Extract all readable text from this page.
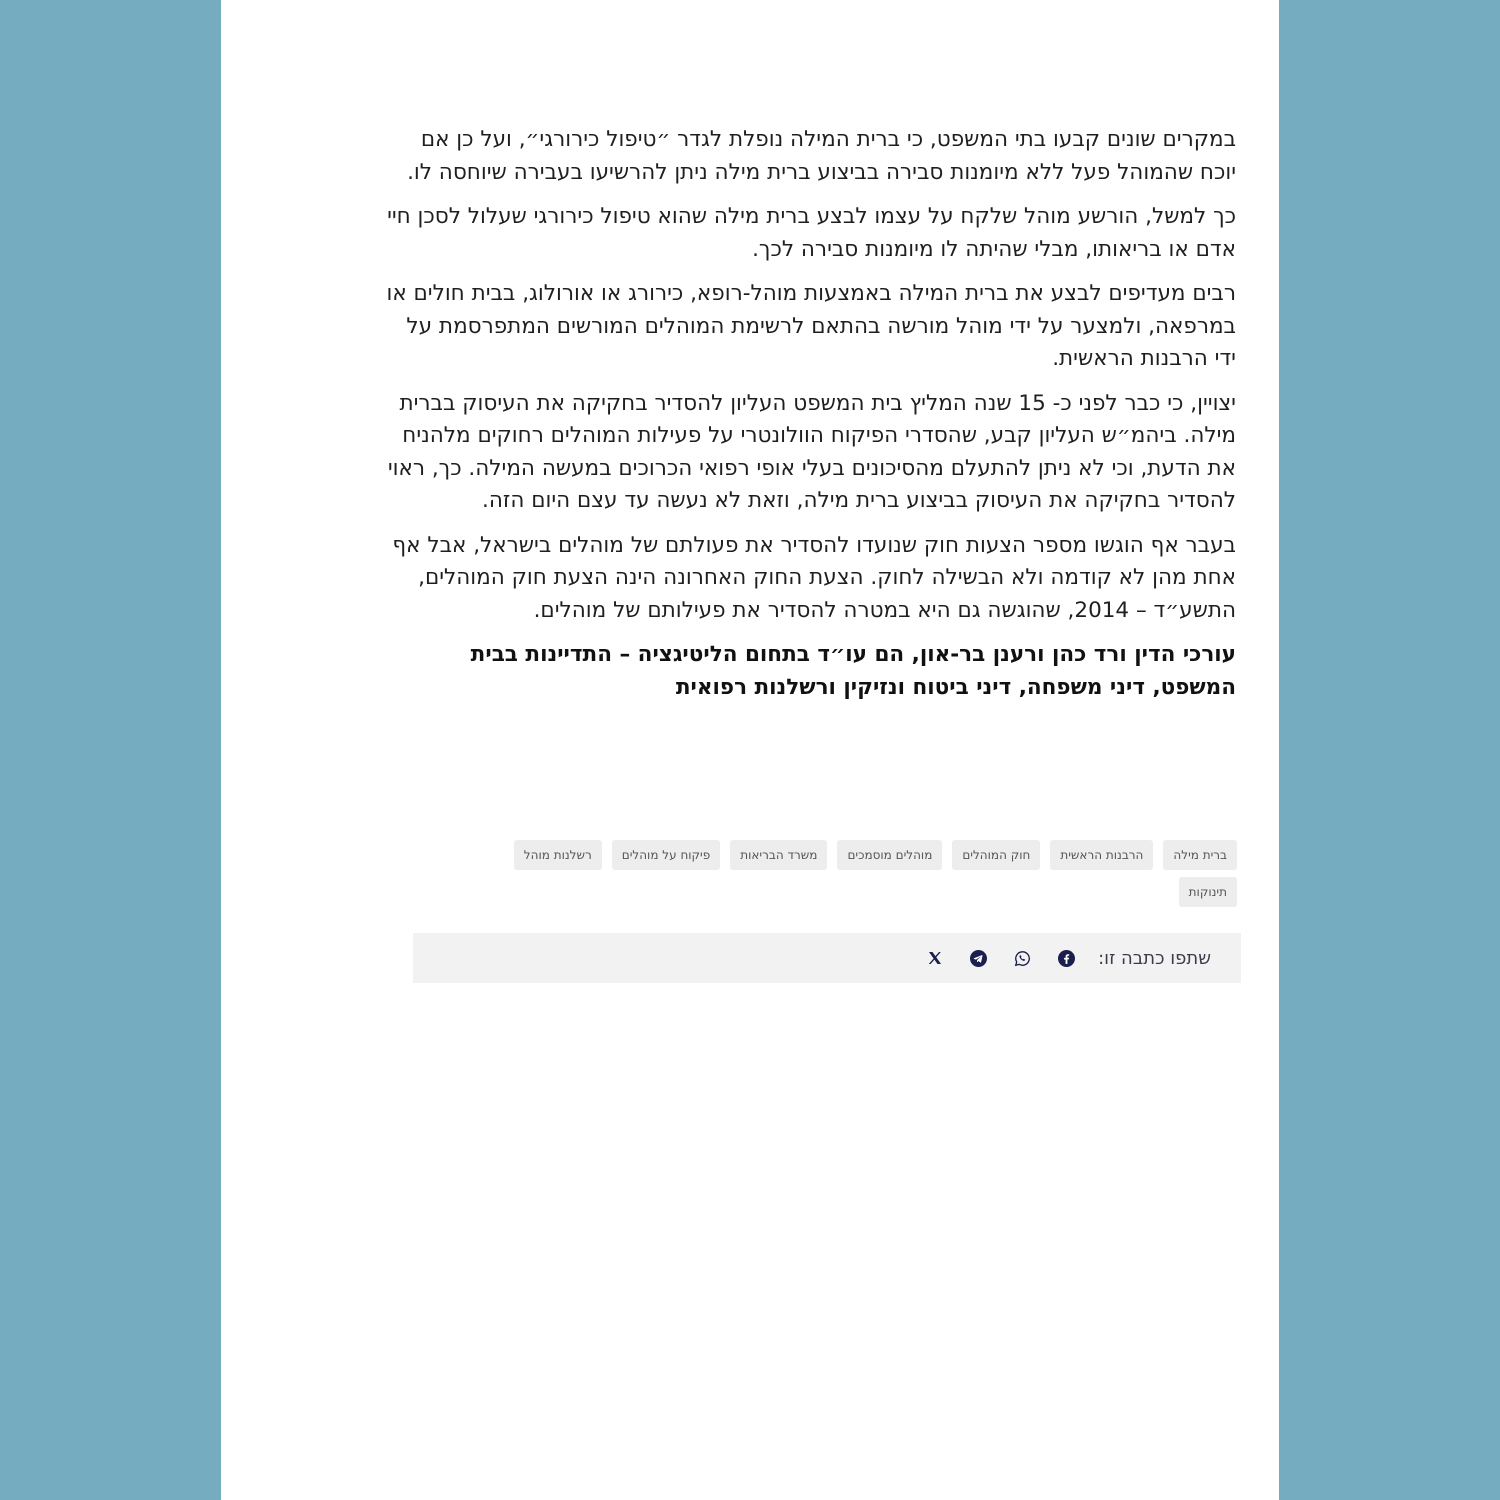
במקרים שונים קבעו בתי המשפט, כי ברית המילה נופלת לגדר ״טיפול כירורגי״, ועל כן אם יוכח שהמוהל פעל ללא מיומנות סבירה בביצוע ברית מילה ניתן להרשיעו בעבירה שיוחסה לו.

כך למשל, הורשע מוהל שלקח על עצמו לבצע ברית מילה שהוא טיפול כירורגי שעלול לסכן חיי אדם או בריאותו, מבלי שהיתה לו מיומנות סבירה לכך.

רבים מעדיפים לבצע את ברית המילה באמצעות מוהל-רופא, כירורג או אורולוג, בבית חולים או במרפאה, ולמצער על ידי מוהל מורשה בהתאם לרשימת המוהלים המורשים המתפרסמת על ידי הרבנות הראשית.

יצויין, כי כבר לפני כ- 15 שנה המליץ בית המשפט העליון להסדיר בחקיקה את העיסוק בברית מילה. ביהמ״ש העליון קבע, שהסדרי הפיקוח הוולונטרי על פעילות המוהלים רחוקים מלהניח את הדעת, וכי לא ניתן להתעלם מהסיכונים בעלי אופי רפואי הכרוכים במעשה המילה. כך, ראוי להסדיר בחקיקה את העיסוק בביצוע ברית מילה, וזאת לא נעשה עד עצם היום הזה.

בעבר אף הוגשו מספר הצעות חוק שנועדו להסדיר את פעולתם של מוהלים בישראל, אבל אף אחת מהן לא קודמה ולא הבשילה לחוק. הצעת החוק האחרונה הינה הצעת חוק המוהלים, התשע״ד – 2014, שהוגשה גם היא במטרה להסדיר את פעילותם של מוהלים.

עורכי הדין ורד כהן ורענן בר-און, הם עו״ד בתחום הליטיגציה – התדיינות בבית המשפט, דיני משפחה, דיני ביטוח ונזיקין ורשלנות רפואית

ברית מילה
הרבנות הראשית
חוק המוהלים
מוהלים מוסמכים
משרד הבריאות
פיקוח על מוהלים
רשלנות מוהל
תינוקות
שתפו כתבה זו:
